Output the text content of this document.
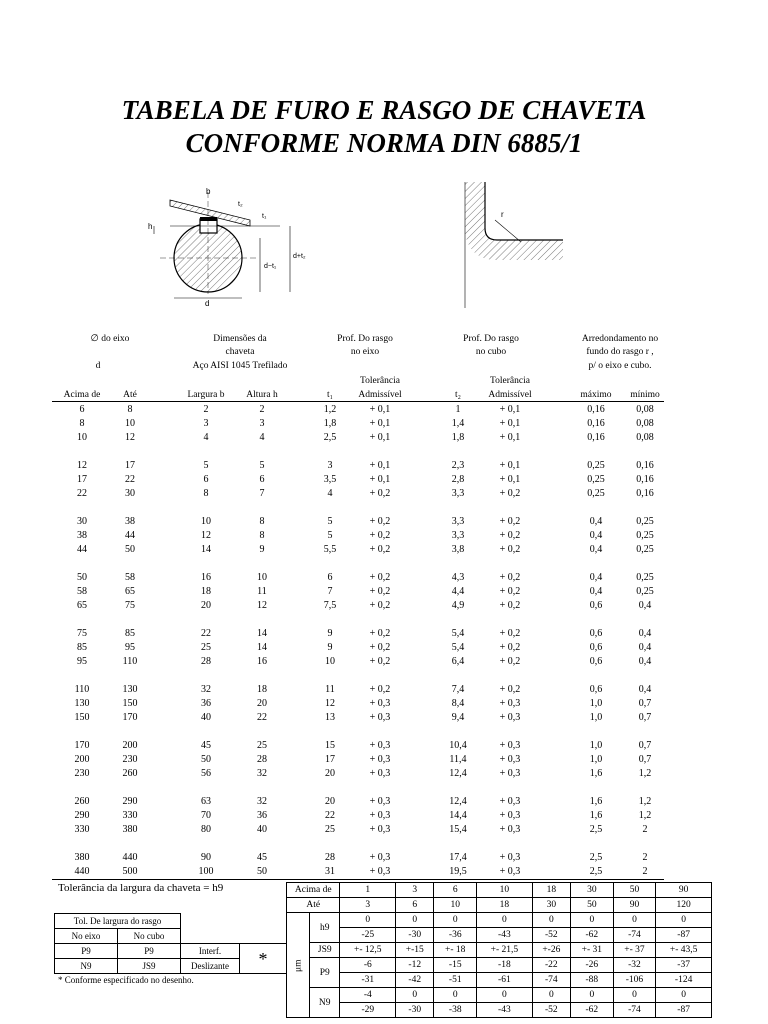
TABELA DE FURO E RASGO DE CHAVETA
CONFORME NORMA DIN 6885/1
b
h
t₂
t₁
d−t₁
d+t₂
d
r
∅ do eixo
d
Dimensões da
chaveta
Aço AISI 1045 Trefilado
Prof. Do rasgo
no eixo
Prof. Do rasgo
no cubo
Arredondamento no
fundo do rasgo r ,
p/ o eixo e cubo.
Tolerância
Admissível
Tolerância
Admissível
Acima de	Até	Largura b	Altura h	t₁	t₂	máximo	mínimo
6	8	2	2	1,2	+ 0,1	1	+ 0,1	0,16	0,08
8	10	3	3	1,8	+ 0,1	1,4	+ 0,1	0,16	0,08
10	12	4	4	2,5	+ 0,1	1,8	+ 0,1	0,16	0,08
12	17	5	5	3	+ 0,1	2,3	+ 0,1	0,25	0,16
17	22	6	6	3,5	+ 0,1	2,8	+ 0,1	0,25	0,16
22	30	8	7	4	+ 0,2	3,3	+ 0,2	0,25	0,16
30	38	10	8	5	+ 0,2	3,3	+ 0,2	0,4	0,25
38	44	12	8	5	+ 0,2	3,3	+ 0,2	0,4	0,25
44	50	14	9	5,5	+ 0,2	3,8	+ 0,2	0,4	0,25
50	58	16	10	6	+ 0,2	4,3	+ 0,2	0,4	0,25
58	65	18	11	7	+ 0,2	4,4	+ 0,2	0,4	0,25
65	75	20	12	7,5	+ 0,2	4,9	+ 0,2	0,6	0,4
75	85	22	14	9	+ 0,2	5,4	+ 0,2	0,6	0,4
85	95	25	14	9	+ 0,2	5,4	+ 0,2	0,6	0,4
95	110	28	16	10	+ 0,2	6,4	+ 0,2	0,6	0,4
110	130	32	18	11	+ 0,2	7,4	+ 0,2	0,6	0,4
130	150	36	20	12	+ 0,3	8,4	+ 0,3	1,0	0,7
150	170	40	22	13	+ 0,3	9,4	+ 0,3	1,0	0,7
170	200	45	25	15	+ 0,3	10,4	+ 0,3	1,0	0,7
200	230	50	28	17	+ 0,3	11,4	+ 0,3	1,0	0,7
230	260	56	32	20	+ 0,3	12,4	+ 0,3	1,6	1,2
260	290	63	32	20	+ 0,3	12,4	+ 0,3	1,6	1,2
290	330	70	36	22	+ 0,3	14,4	+ 0,3	1,6	1,2
330	380	80	40	25	+ 0,3	15,4	+ 0,3	2,5	2
380	440	90	45	28	+ 0,3	17,4	+ 0,3	2,5	2
440	500	100	50	31	+ 0,3	19,5	+ 0,3	2,5	2
Tolerância da largura da chaveta = h9
Tol. De largura do rasgo			
No eixo	No cubo		
P9	P9	Interf.	*
N9	JS9	Deslizante	
* Conforme especificado no desenho.
Acima de		1	3	6	10	18	30	50	90
Até		3	6	10	18	30	50	90	120
μm	h9	0	0	0	0	0	0	0	0
		-25	-30	-36	-43	-52	-62	-74	-87
	JS9	+- 12,5	+-15	+- 18	+- 21,5	+-26	+- 31	+- 37	+- 43,5
	P9	-6	-12	-15	-18	-22	-26	-32	-37
		-31	-42	-51	-61	-74	-88	-106	-124
	N9	-4	0	0	0	0	0	0	0
		-29	-30	-38	-43	-52	-62	-74	-87
